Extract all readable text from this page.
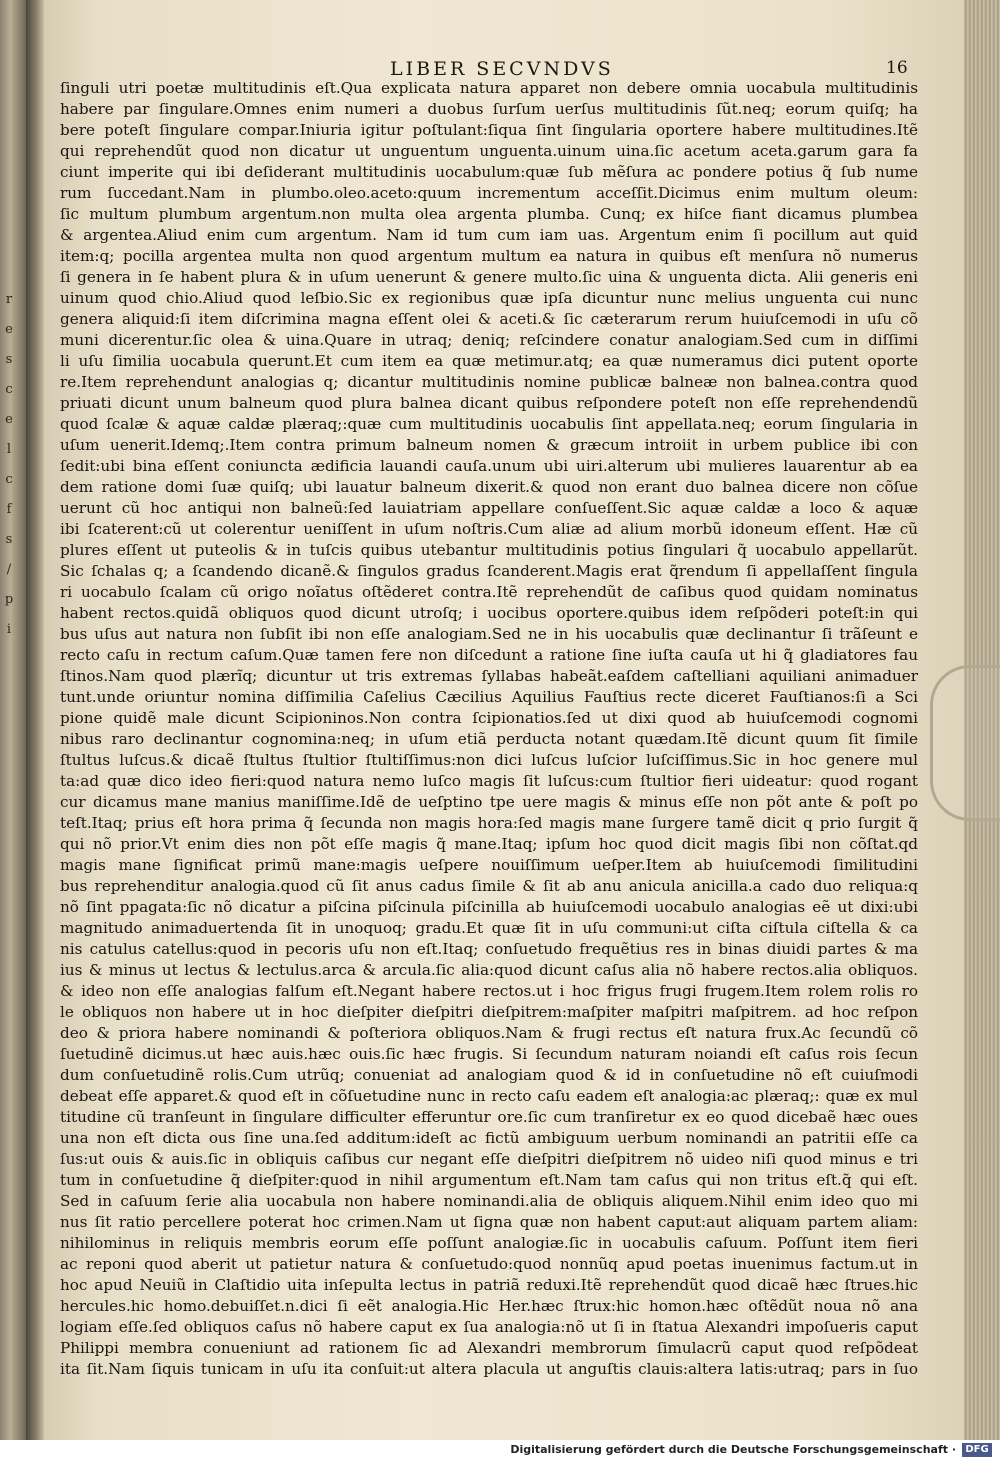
r
e
s
c
e
l
c
f
s
/
p
i
LIBER SECVNDVS	16
ſinguli utri poetæ multitudinis eſt.Qua explicata natura apparet non debere omnia uocabula multitudinis
habere par ſingulare.Omnes enim numeri a duobus ſurſum uerſus multitudinis ſũt.neq; eorum quiſq; ha
bere poteſt ſingulare compar.Iniuria igitur poſtulant:ſiqua ſint ſingularia oportere habere multitudines.Itẽ
qui reprehendũt quod non dicatur ut unguentum unguenta.uinum uina.ſic acetum aceta.garum gara fa
ciunt imperite qui ibi deſiderant multitudinis uocabulum:quæ ſub mẽſura ac pondere potius q̃ ſub nume
rum ſuccedant.Nam in plumbo.oleo.aceto:quum incrementum acceſſit.Dicimus enim multum oleum:
ſic multum plumbum argentum.non multa olea argenta plumba. Cunq; ex hiſce fiant dicamus plumbea
& argentea.Aliud enim cum argentum. Nam id tum cum iam uas. Argentum enim ſi pocillum aut quid
item:q; pocilla argentea multa non quod argentum multum ea natura in quibus eſt menſura nõ numerus
ſi genera in ſe habent plura & in uſum uenerunt & genere multo.ſic uina & unguenta dicta. Alii generis eni
uinum quod chio.Aliud quod leſbio.Sic ex regionibus quæ ipſa dicuntur nunc melius unguenta cui nunc
genera aliquid:ſi item diſcrimina magna eſſent olei & aceti.& ſic cæterarum rerum huiuſcemodi in uſu cõ
muni dicerentur.ſic olea & uina.Quare in utraq; deniq; reſcindere conatur analogiam.Sed cum in diſſimi
li uſu ſimilia uocabula querunt.Et cum item ea quæ metimur.atq; ea quæ numeramus dici putent oporte
re.Item reprehendunt analogias q; dicantur multitudinis nomine publicæ balneæ non balnea.contra quod
priuati dicunt unum balneum quod plura balnea dicant quibus reſpondere poteſt non eſſe reprehendendũ
quod ſcalæ & aquæ caldæ plæraq;:quæ cum multitudinis uocabulis ſint appellata.neq; eorum ſingularia in
uſum uenerit.Idemq;.Item contra primum balneum nomen & græcum introiit in urbem publice ibi con
ſedit:ubi bina eſſent coniuncta ædificia lauandi cauſa.unum ubi uiri.alterum ubi mulieres lauarentur ab ea
dem ratione domi ſuæ quiſq; ubi lauatur balneum dixerit.& quod non erant duo balnea dicere non cõſue
uerunt cũ hoc antiqui non balneũ:ſed lauiatriam appellare conſueſſent.Sic aquæ caldæ a loco & aquæ
ibi ſcaterent:cũ ut colerentur ueniſſent in uſum noſtris.Cum aliæ ad alium morbũ idoneum eſſent. Hæ cũ
plures eſſent ut puteolis & in tuſcis quibus utebantur multitudinis potius ſingulari q̃ uocabulo appellarũt.
Sic ſchalas q; a ſcandendo dicanẽ.& ſingulos gradus ſcanderent.Magis erat q̃rendum ſi appellaſſent ſingula
ri uocabulo ſcalam cũ origo noĩatus oſtẽderet contra.Itẽ reprehendũt de caſibus quod quidam nominatus
habent rectos.quidã obliquos quod dicunt utroſq; i uocibus oportere.quibus idem reſpõderi poteſt:in qui
bus uſus aut natura non ſubſit ibi non eſſe analogiam.Sed ne in his uocabulis quæ declinantur ſi trãſeunt e
recto caſu in rectum caſum.Quæ tamen fere non diſcedunt a ratione ſine iuſta cauſa ut hi q̃ gladiatores fau
ſtinos.Nam quod plærĩq; dicuntur ut tris extremas ſyllabas habeãt.eaſdem caſtelliani aquiliani animaduer
tunt.unde oriuntur nomina diſſimilia Caſelius Cæcilius Aquilius Fauſtius recte diceret Fauſtianos:ſi a Sci
pione quidẽ male dicunt Scipioninos.Non contra ſcipionatios.ſed ut dixi quod ab huiuſcemodi cognomi
nibus raro declinantur cognomina:neq; in uſum etiã perducta notant quædam.Itẽ dicunt quum ſit ſimile
ſtultus luſcus.& dicaẽ ſtultus ſtultior ſtultiſſimus:non dici luſcus luſcior luſciſſimus.Sic in hoc genere mul
ta:ad quæ dico ideo fieri:quod natura nemo luſco magis ſit luſcus:cum ſtultior fieri uideatur: quod rogant
cur dicamus mane manius maniſſime.Idẽ de ueſptino tpe uere magis & minus eſſe non põt ante & poſt po
teſt.Itaq; prius eſt hora prima q̃ ſecunda non magis hora:ſed magis mane ſurgere tamẽ dicit q prio ſurgit q̃
qui nõ prior.Vt enim dies non põt eſſe magis q̃ mane.Itaq; ipſum hoc quod dicit magis ſibi non cõſtat.qd
magis mane ſignificat primũ mane:magis ueſpere nouiſſimum ueſper.Item ab huiuſcemodi ſimilitudini
bus reprehenditur analogia.quod cũ ſit anus cadus ſimile & ſit ab anu anicula anicilla.a cado duo reliqua:q
nõ ſint ppagata:ſic nõ dicatur a piſcina piſcinula piſcinilla ab huiuſcemodi uocabulo analogias eẽ ut dixi:ubi
magnitudo animaduertenda ſit in unoquoq; gradu.Et quæ ſit in uſu communi:ut ciſta ciſtula ciſtella & ca
nis catulus catellus:quod in pecoris uſu non eſt.Itaq; conſuetudo frequẽtius res in binas diuidi partes & ma
ius & minus ut lectus & lectulus.arca & arcula.ſic alia:quod dicunt caſus alia nõ habere rectos.alia obliquos.
& ideo non eſſe analogias falſum eſt.Negant habere rectos.ut i hoc frigus frugi frugem.Item rolem rolis ro
le obliquos non habere ut in hoc dieſpiter dieſpitri dieſpitrem:maſpiter maſpitri maſpitrem. ad hoc reſpon
deo & priora habere nominandi & poſteriora obliquos.Nam & frugi rectus eſt natura frux.Ac ſecundũ cõ
ſuetudinẽ dicimus.ut hæc auis.hæc ouis.ſic hæc frugis. Si ſecundum naturam noiandi eſt caſus rois ſecun
dum conſuetudinẽ rolis.Cum utrũq; conueniat ad analogiam quod & id in conſuetudine nõ eſt cuiuſmodi
debeat eſſe apparet.& quod eſt in cõſuetudine nunc in recto caſu eadem eſt analogia:ac plæraq;: quæ ex mul
titudine cũ tranſeunt in ſingulare difficulter efferuntur ore.ſic cum tranſiretur ex eo quod dicebaẽ hæc oues
una non eſt dicta ous ſine una.ſed additum:ideſt ac fictũ ambiguum uerbum nominandi an patritii eſſe ca
ſus:ut ouis & auis.ſic in obliquis caſibus cur negant eſſe dieſpitri dieſpitrem nõ uideo niſi quod minus e tri
tum in conſuetudine q̃ dieſpiter:quod in nihil argumentum eſt.Nam tam caſus qui non tritus eſt.q̃ qui eſt.
Sed in caſuum ſerie alia uocabula non habere nominandi.alia de obliquis aliquem.Nihil enim ideo quo mi
nus ſit ratio percellere poterat hoc crimen.Nam ut ſigna quæ non habent caput:aut aliquam partem aliam:
nihilominus in reliquis membris eorum eſſe poſſunt analogiæ.ſic in uocabulis caſuum. Poſſunt item fieri
ac reponi quod aberit ut patietur natura & conſuetudo:quod nonnũq apud poetas inuenimus factum.ut in
hoc apud Neuiũ in Claſtidio uita inſepulta lectus in patriã reduxi.Itẽ reprehendũt quod dicaẽ hæc ſtrues.hic
hercules.hic homo.debuiſſet.n.dici ſi eẽt analogia.Hic Her.hæc ſtrux:hic homon.hæc oſtẽdũt noua nõ ana
logiam eſſe.ſed obliquos caſus nõ habere caput ex ſua analogia:nõ ut ſi in ſtatua Alexandri impoſueris caput
Philippi membra conueniunt ad rationem ſic ad Alexandri membrorum ſimulacrũ caput quod reſpõdeat
ita ſit.Nam ſiquis tunicam in uſu ita conſuit:ut altera placula ut anguſtis clauis:altera latis:utraq; pars in ſuo
Digitalisierung gefördert durch die Deutsche Forschungsgemeinschaft · DFG
